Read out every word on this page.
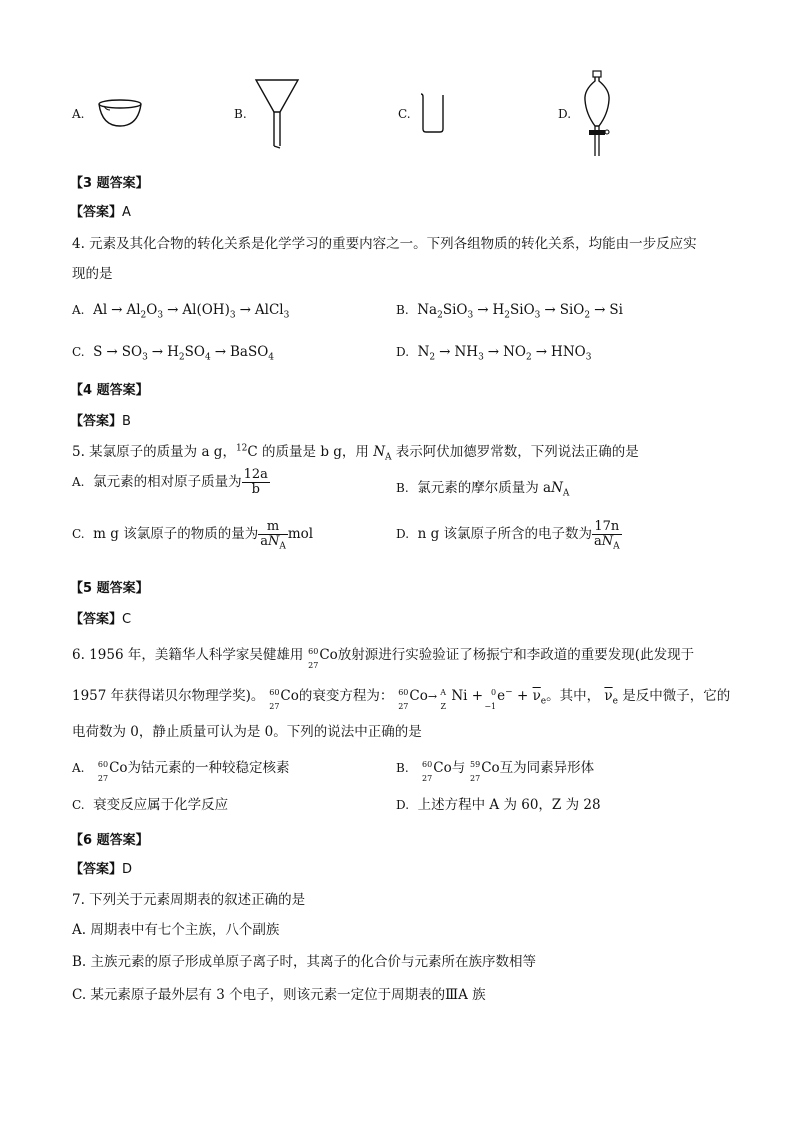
A.	B.	C.	D.
【3 题答案】
【答案】A
4. 元素及其化合物的转化关系是化学学习的重要内容之一。下列各组物质的转化关系，均能由一步反应实
现的是
A.  $Al \to Al_2O_3 \to Al(OH)_3$ → AlCl$_3$	B.  $Na_2SiO_3 \to H_2SiO_3 \to SiO_2 \to Si$
C.  $S \to SO_3 \to H_2SO_4$ → BaSO$_4$	D.  $N_2 \to NH_3 \to NO_2 \to HNO_3$
【4 题答案】
【答案】B
5. 某氯原子的质量为 a g，$^{12}$C 的质量是 b g，用 $N_A$ 表示阿伏加德罗常数，下列说法正确的是
A. 氯元素的相对原子质量为 $\frac{12a}{b}$	B. 氯元素的摩尔质量为 $aN_A$
C. m g 该氯原子的物质的量为 $\frac{m}{aN_A}$ mol	D. n g 该氯原子所含的电子数为 $\frac{17n}{aN_A}$
【5 题答案】
【答案】C
6. 1956 年，美籍华人科学家吴健雄用 60
27
Co放射源进行实验验证了杨振宁和李政道的重要发现(此发现于
1957 年获得诺贝尔物理学奖)。 60
27
Co的衰变方程为： 60
27
Co→ A
Z
Ni + 0
−1
$e^- + \overline{\nu}_e$。其中， $\overline{\nu}_e$ 是反中微子，它的
电荷数为 0，静止质量可认为是 0。下列的说法中正确的是
A. 60
27
Co为钴元素的一种较稳定核素	B. 60
27
Co与 59
27
Co互为同素异形体
C. 衰变反应属于化学反应	D. 上述方程中 A 为 60，Z 为 28
【6 题答案】
【答案】D
7. 下列关于元素周期表的叙述正确的是
A. 周期表中有七个主族，八个副族
B. 主族元素的原子形成单原子离子时，其离子的化合价与元素所在族序数相等
C. 某元素原子最外层有 3 个电子，则该元素一定位于周期表的ⅢA 族
